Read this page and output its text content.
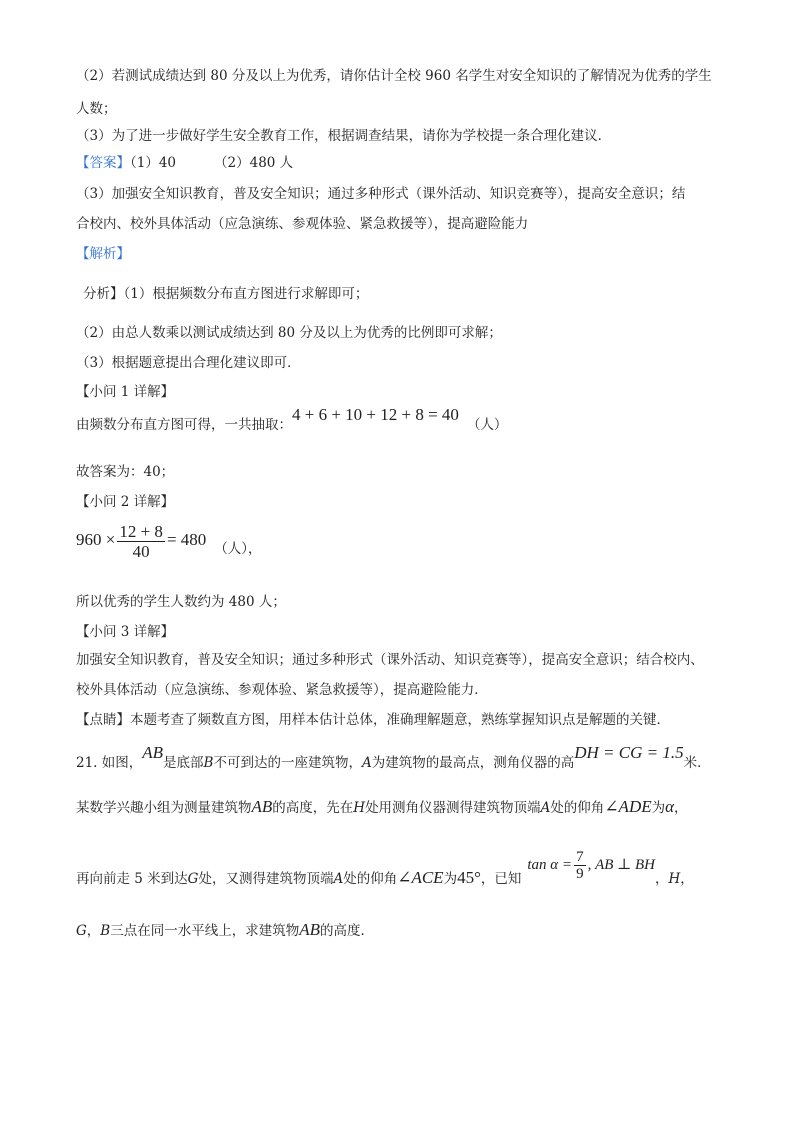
（2）若测试成绩达到 80 分及以上为优秀，请你估计全校 960 名学生对安全知识的了解情况为优秀的学生
人数；
（3）为了进一步做好学生安全教育工作，根据调查结果，请你为学校提一条合理化建议．
【答案】（1）40	（2）480 人
（3）加强安全知识教育，普及安全知识；通过多种形式（课外活动、知识竞赛等），提高安全意识；结
合校内、校外具体活动（应急演练、参观体验、紧急救援等），提高避险能力
【解析】
分析】（1）根据频数分布直方图进行求解即可；
（2）由总人数乘以测试成绩达到 80 分及以上为优秀的比例即可求解；
（3）根据题意提出合理化建议即可．
【小问 1 详解】
由频数分布直方图可得，一共抽取：4 + 6 + 10 + 12 + 8 = 40（人）
故答案为：40；
【小问 2 详解】
$960 \times \frac{12 + 8}{40} = 480$ （人），
所以优秀的学生人数约为 480 人；
【小问 3 详解】
加强安全知识教育，普及安全知识；通过多种形式（课外活动、知识竞赛等），提高安全意识；结合校内、
校外具体活动（应急演练、参观体验、紧急救援等），提高避险能力．
【点睛】本题考查了频数直方图，用样本估计总体，准确理解题意，熟练掌握知识点是解题的关键．
21. 如图，AB是底部B不可到达的一座建筑物，A为建筑物的最高点，测角仪器的高DH = CG = 1.5米．
某数学兴趣小组为测量建筑物AB的高度，先在H处用测角仪器测得建筑物顶端A处的仰角∠ADE为α，
再向前走 5 米到达G处，又测得建筑物顶端A处的仰角∠ACE为45°，已知$\tan \alpha = \frac{7}{9}$ , AB ⊥ BH，H，
G，B三点在同一水平线上，求建筑物AB的高度．
